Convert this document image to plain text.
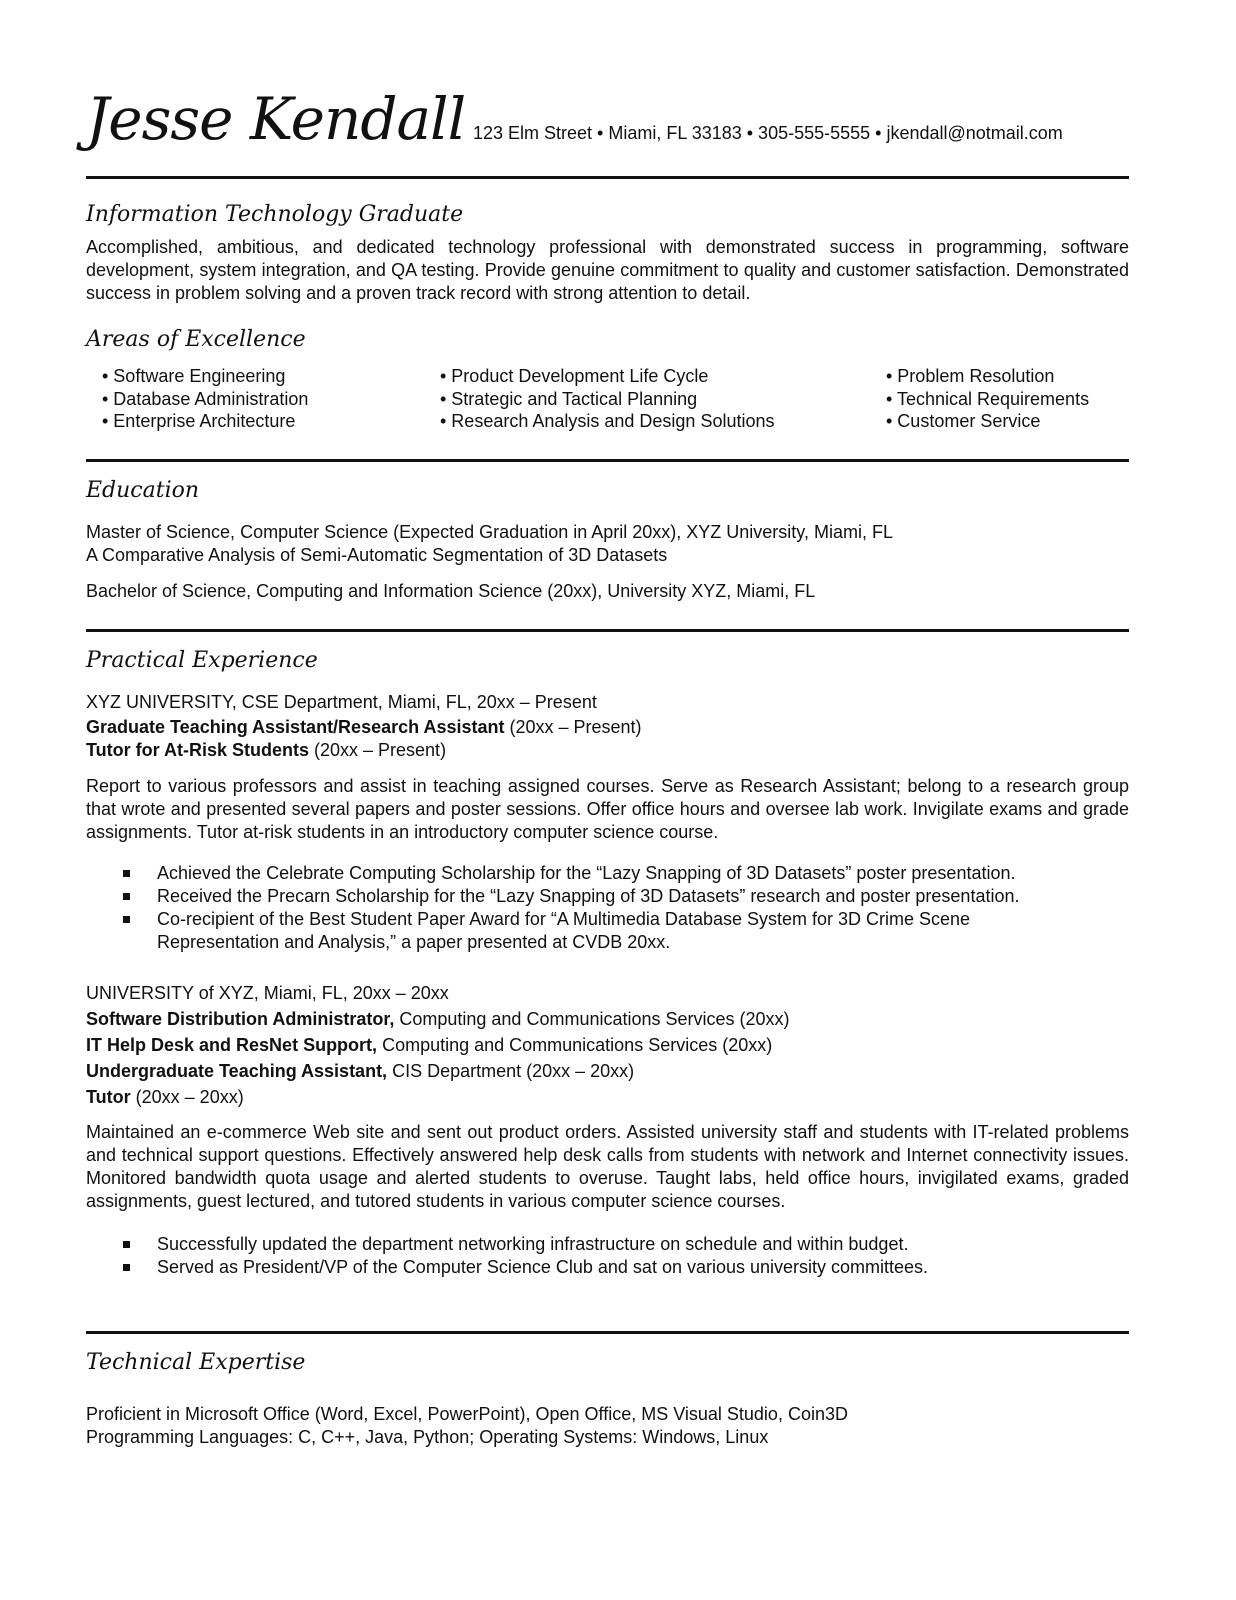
Jesse Kendall 123 Elm Street • Miami, FL 33183 • 305-555-5555 • jkendall@notmail.com
Information Technology Graduate

Accomplished, ambitious, and dedicated technology professional with demonstrated success in programming, software development, system integration, and QA testing. Provide genuine commitment to quality and customer satisfaction. Demonstrated success in problem solving and a proven track record with strong attention to detail.

Areas of Excellence
• Software Engineering
• Database Administration
• Enterprise Architecture
• Product Development Life Cycle
• Strategic and Tactical Planning
• Research Analysis and Design Solutions
• Problem Resolution
• Technical Requirements
• Customer Service
Education
Master of Science, Computer Science (Expected Graduation in April 20xx), XYZ University, Miami, FL
A Comparative Analysis of Semi-Automatic Segmentation of 3D Datasets
Bachelor of Science, Computing and Information Science (20xx), University XYZ, Miami, FL
Practical Experience
XYZ UNIVERSITY, CSE Department, Miami, FL, 20xx – Present
Graduate Teaching Assistant/Research Assistant (20xx – Present)
Tutor for At-Risk Students (20xx – Present)

Report to various professors and assist in teaching assigned courses. Serve as Research Assistant; belong to a research group that wrote and presented several papers and poster sessions. Offer office hours and oversee lab work. Invigilate exams and grade assignments. Tutor at-risk students in an introductory computer science course.

Achieved the Celebrate Computing Scholarship for the “Lazy Snapping of 3D Datasets” poster presentation.
Received the Precarn Scholarship for the “Lazy Snapping of 3D Datasets” research and poster presentation.
Co-recipient of the Best Student Paper Award for “A Multimedia Database System for 3D Crime Scene Representation and Analysis,” a paper presented at CVDB 20xx.
UNIVERSITY of XYZ, Miami, FL, 20xx – 20xx
Software Distribution Administrator, Computing and Communications Services (20xx)
IT Help Desk and ResNet Support, Computing and Communications Services (20xx)
Undergraduate Teaching Assistant, CIS Department (20xx – 20xx)
Tutor (20xx – 20xx)

Maintained an e-commerce Web site and sent out product orders. Assisted university staff and students with IT-related problems and technical support questions. Effectively answered help desk calls from students with network and Internet connectivity issues. Monitored bandwidth quota usage and alerted students to overuse. Taught labs, held office hours, invigilated exams, graded assignments, guest lectured, and tutored students in various computer science courses.

Successfully updated the department networking infrastructure on schedule and within budget.
Served as President/VP of the Computer Science Club and sat on various university committees.
Technical Expertise
Proficient in Microsoft Office (Word, Excel, PowerPoint), Open Office, MS Visual Studio, Coin3D
Programming Languages: C, C++, Java, Python; Operating Systems: Windows, Linux
